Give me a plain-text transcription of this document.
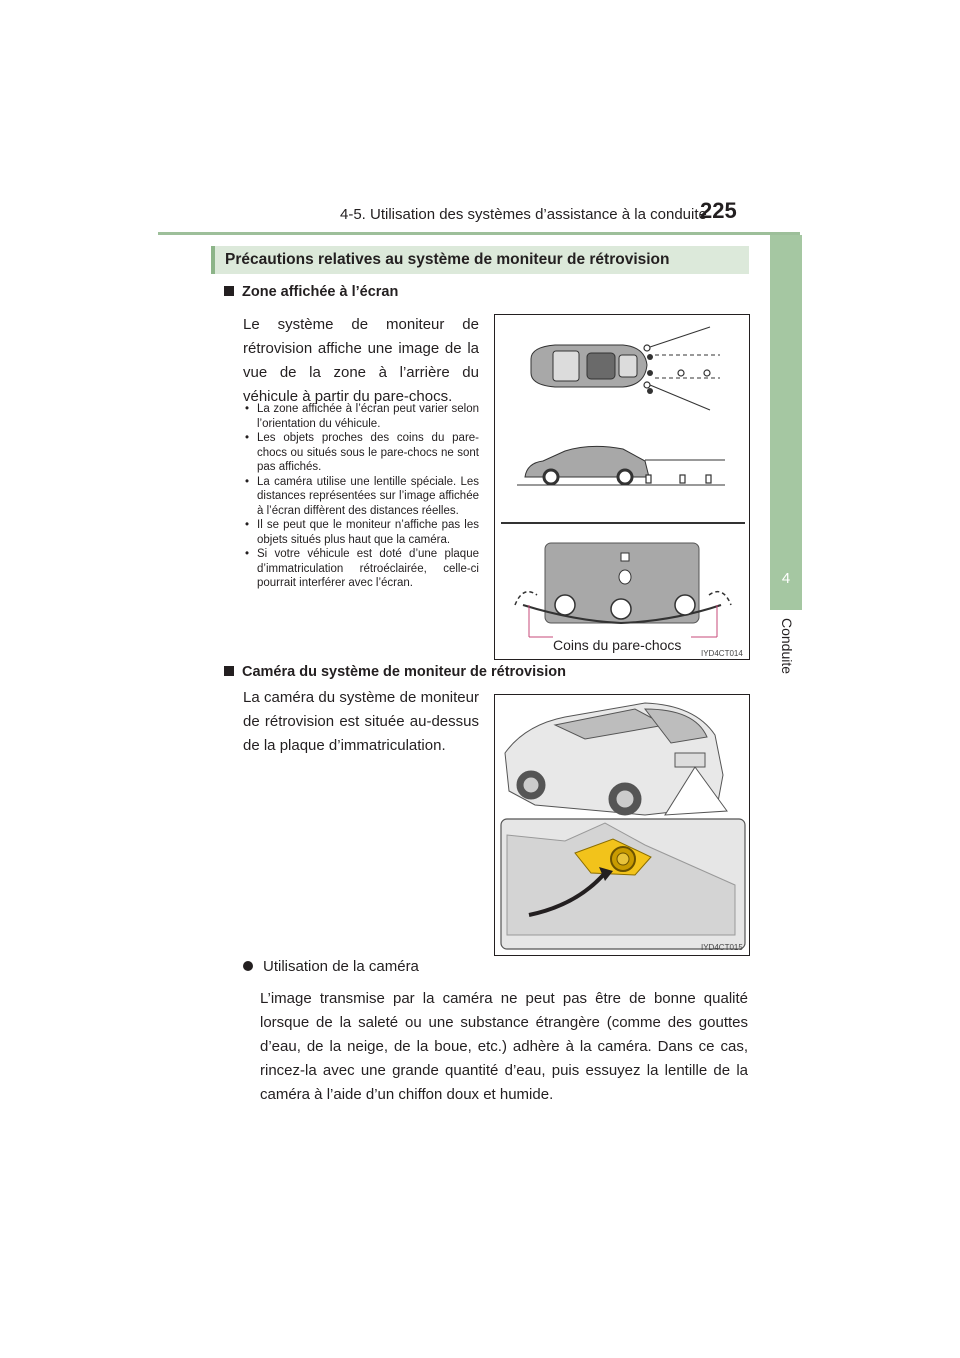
4-5. Utilisation des systèmes d’assistance à la conduite
225
4
Conduite
Précautions relatives au système de moniteur de rétrovision
Zone affichée à l’écran
Le système de moniteur de rétrovision affiche une image de la vue de la zone à l’arrière du véhicule à partir du pare-chocs.
• La zone affichée à l’écran peut varier selon l’orientation du véhicule.
• Les objets proches des coins du pare-chocs ou situés sous le pare-chocs ne sont pas affichés.
• La caméra utilise une lentille spéciale. Les distances représentées sur l’image affichée à l’écran diffèrent des distances réelles.
• Il se peut que le moniteur n’affiche pas les objets situés plus haut que la caméra.
• Si votre véhicule est doté d’une plaque d’immatriculation rétroéclairée, celle-ci pourrait interférer avec l’écran.
Coins du pare-chocs
IYD4CT014
Caméra du système de moniteur de rétrovision
La caméra du système de moniteur de rétrovision est située au-dessus de la plaque d’immatriculation.
IYD4CT015
Utilisation de la caméra
L’image transmise par la caméra ne peut pas être de bonne qualité lorsque de la saleté ou une substance étrangère (comme des gouttes d’eau, de la neige, de la boue, etc.) adhère à la caméra. Dans ce cas, rincez-la avec une grande quantité d’eau, puis essuyez la lentille de la caméra à l’aide d’un chiffon doux et humide.
